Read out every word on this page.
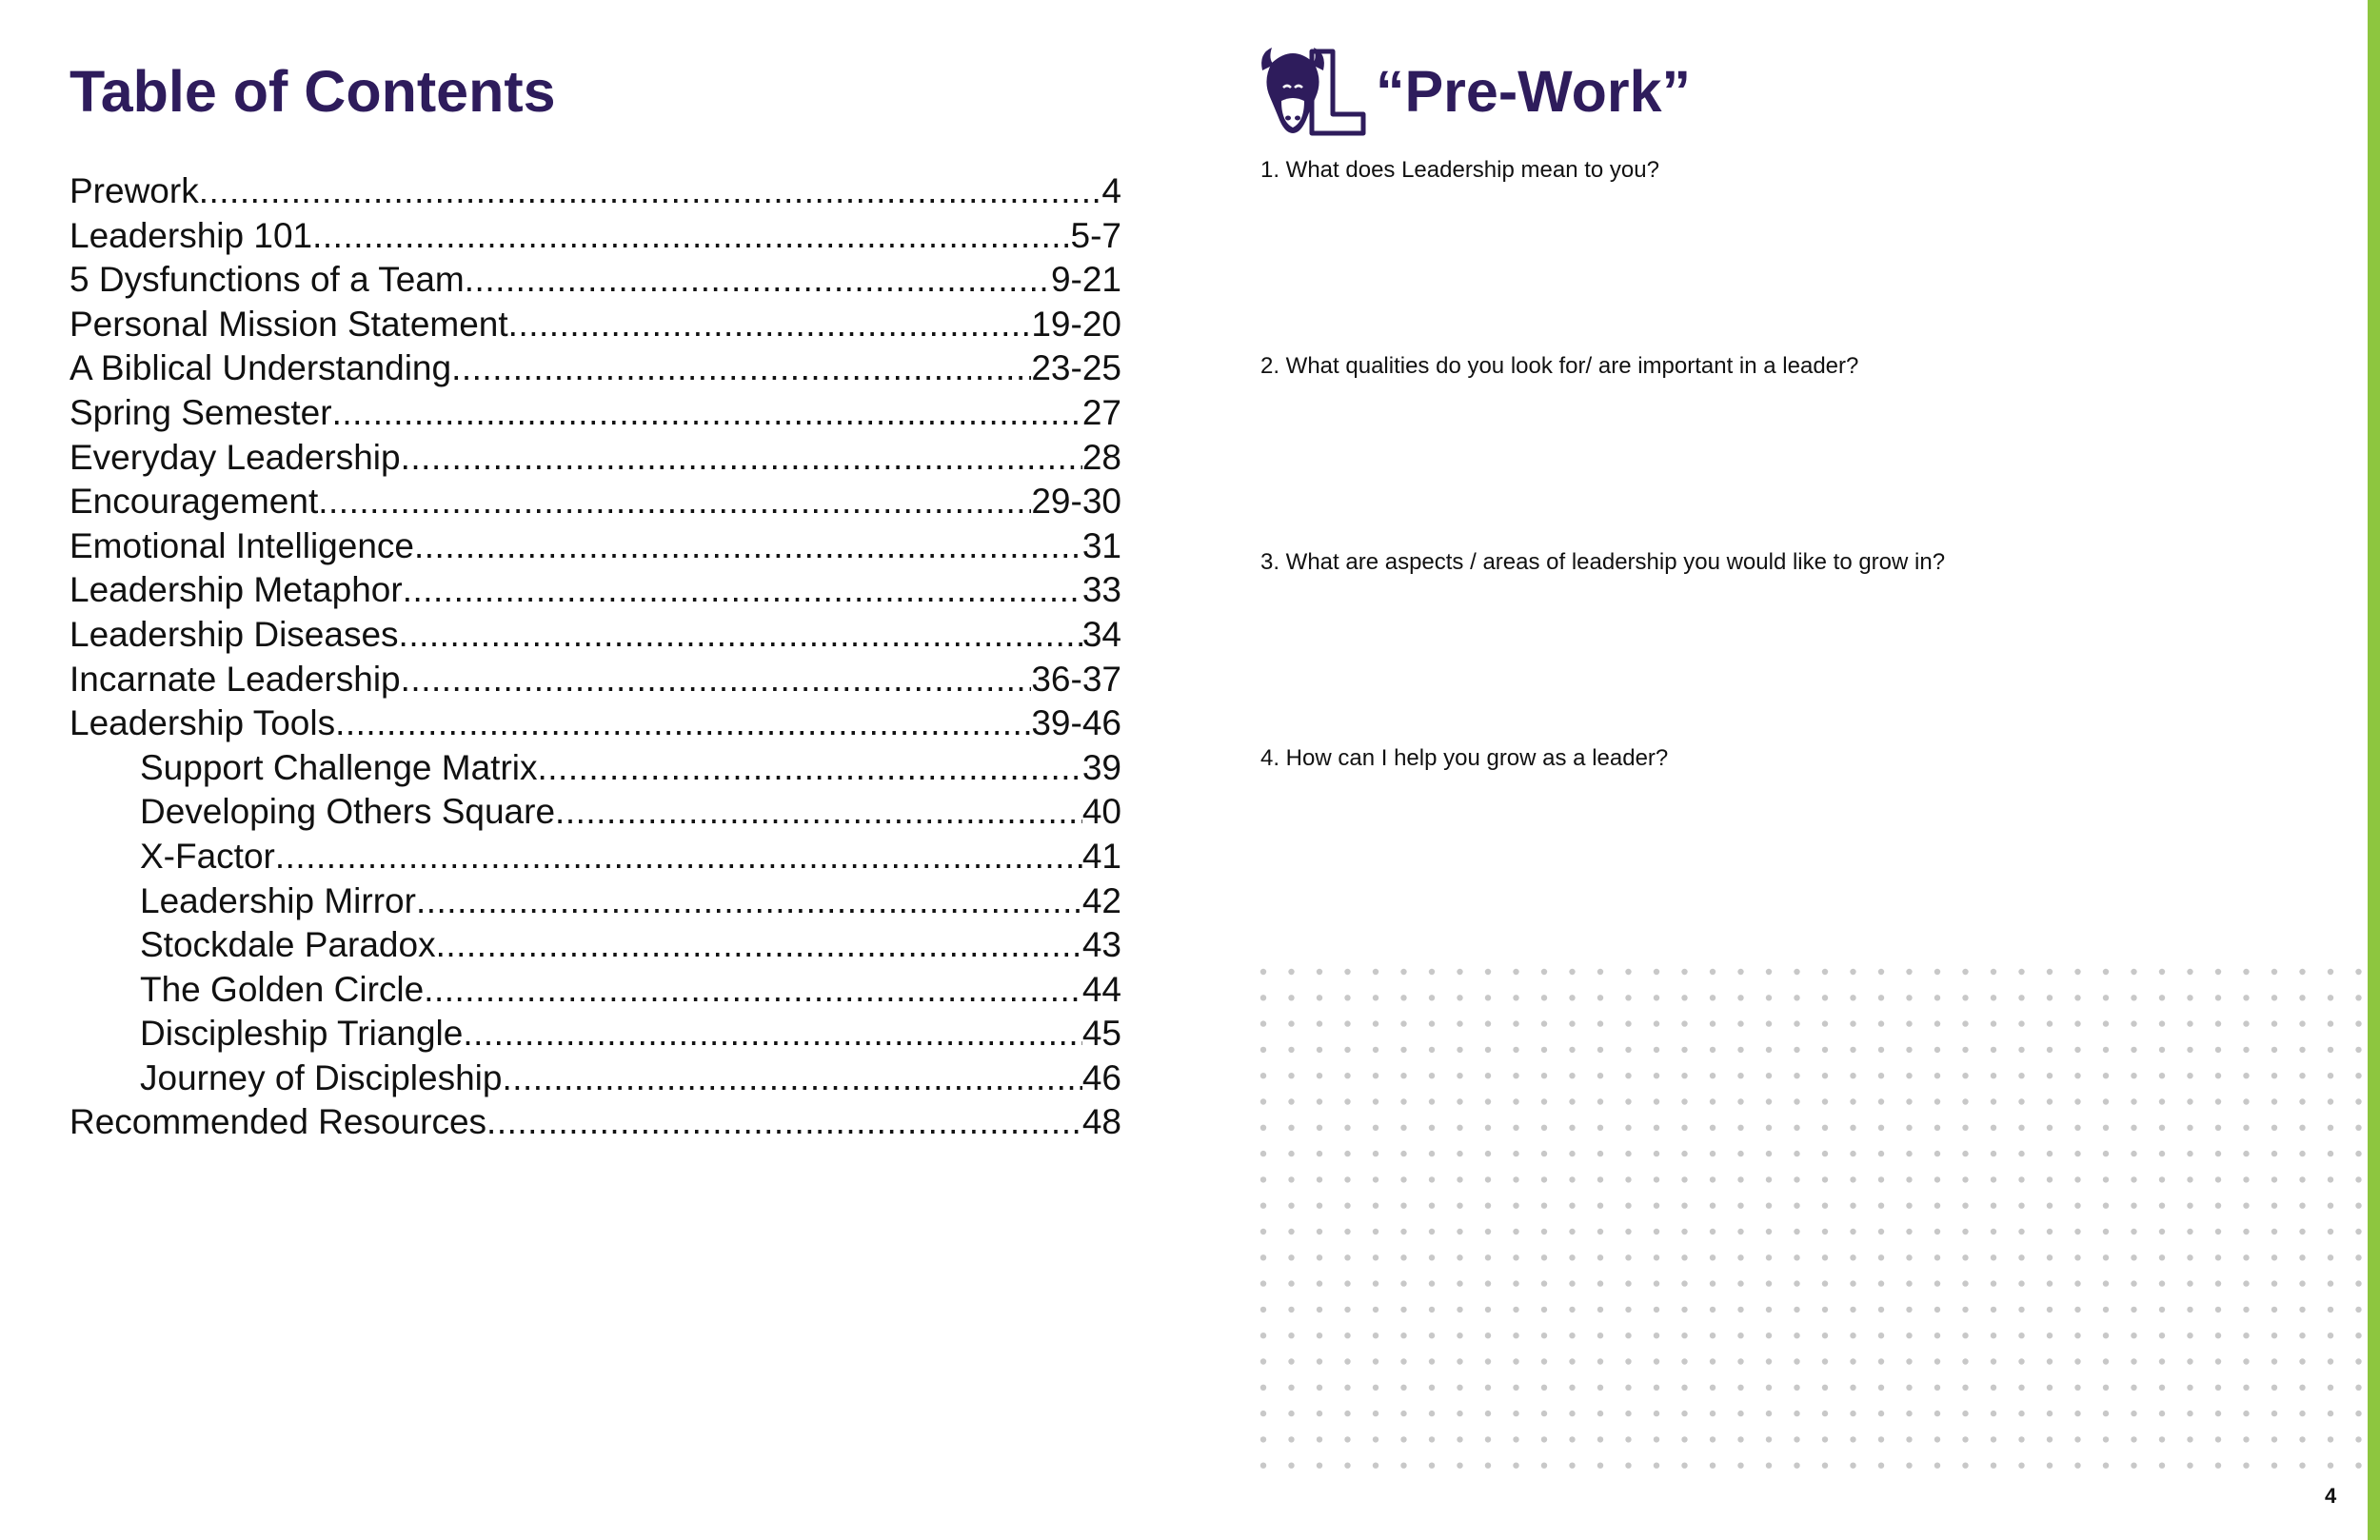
Table of Contents
Prework .....	4
Leadership 101 .....	5-7
5 Dysfunctions of a Team .....	9-21
Personal Mission Statement .....	19-20
A Biblical Understanding .....	23-25
Spring Semester .....	27
Everyday Leadership .....	28
Encouragement .....	29-30
Emotional Intelligence .....	31
Leadership Metaphor .....	33
Leadership Diseases .....	34
Incarnate Leadership .....	36-37
Leadership Tools .....	39-46
Support Challenge Matrix .....	39
Developing Others Square .....	40
X-Factor .....	41
Leadership Mirror .....	42
Stockdale Paradox .....	43
The Golden Circle .....	44
Discipleship Triangle .....	45
Journey of Discipleship .....	46
Recommended Resources .....	48
“Pre-Work”

1. What does Leadership mean to you?

2. What qualities do you look for/ are important in a leader?

3. What are aspects / areas of leadership you would like to grow in?

4. How can I help you grow as a leader?

4
